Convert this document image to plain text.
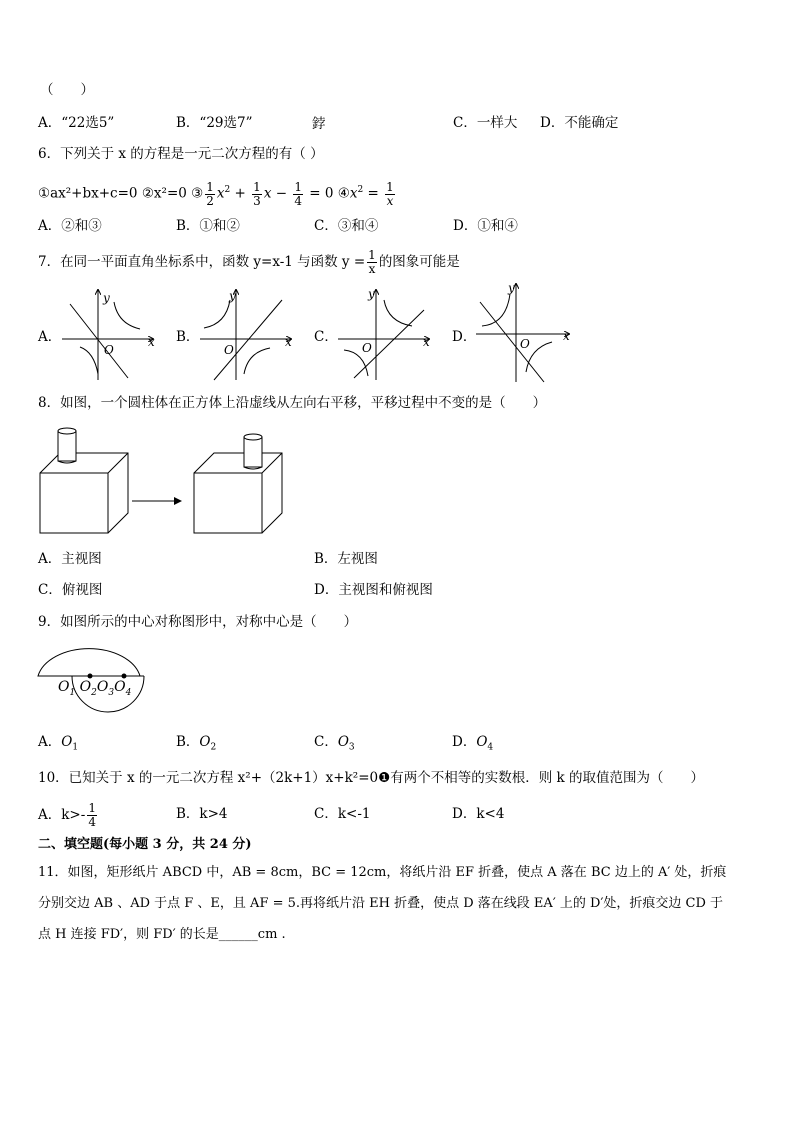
（　　）
A．“22选5”	B．“29选7”	鋍	C．一样大 D．不能确定
6．下列关于 x 的方程是一元二次方程的有（ ）
①ax²+bx+c=0 ②x²=0 ③ $\frac{1}{2} x^2 + \frac{1}{3}$ $x - \frac{1}{4} = 0$ $④x^2 = \frac{1}{x}$
A．②和③	B．①和②	C．③和④	D．①和④
7．在同一平面直角坐标系中，函数 y=x-1 与函数 $y = \frac{1}{x}$ 的图象可能是
A．	B．	C．	D．
y
x
O
y
x
O
y
x
O
y
x
O
8．如图，一个圆柱体在正方体上沿虚线从左向右平移，平移过程中不变的是（　　）
A．主视图	B．左视图
C．俯视图	D．主视图和俯视图
9．如图所示的中心对称图形中，对称中心是（　　）
$O_1$ $O_2O_3O_4$
A．$O_1$	B．$O_2$	C．$O_3$	D．$O_4$
10．已知关于 x 的一元二次方程 x²+（2k+1）x+k²=0❶有两个不相等的实数根．则 k 的取值范围为（　　）
A．$k>- \frac{1}{4}$	B．k>4	C．k<-1	D．k<4
二、填空题(每小题 3 分，共 24 分)
11．如图，矩形纸片 ABCD 中，AB = 8cm，BC = 12cm，将纸片沿 EF 折叠，使点 A 落在 BC 边上的 A′ 处，折痕
分别交边 AB 、AD 于点 F 、E，且 AF = 5.再将纸片沿 EH 折叠，使点 D 落在线段 EA′ 上的 D′处，折痕交边 CD 于
点 H 连接 FD′，则 FD′ 的长是______cm .
